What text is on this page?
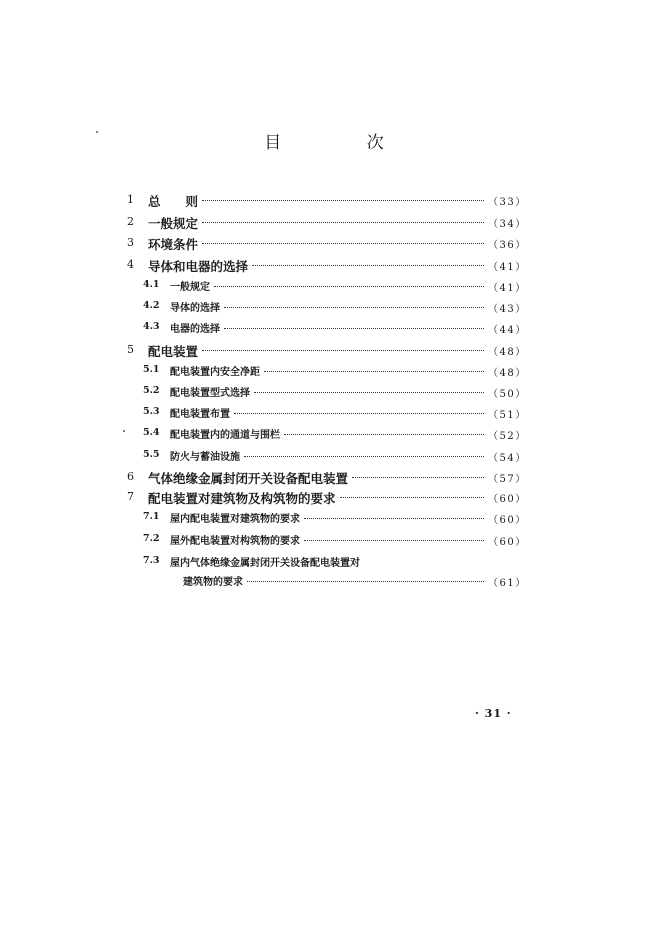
目 次
1 总　　则	（33）
2 一般规定	（34）
3 环境条件	（36）
4 导体和电器的选择	（41）
4.1 一般规定	（41）
4.2 导体的选择	（43）
4.3 电器的选择	（44）
5 配电装置	（48）
5.1 配电装置内安全净距	（48）
5.2 配电装置型式选择	（50）
5.3 配电装置布置	（51）
5.4 配电装置内的通道与围栏	（52）
5.5 防火与蓄油设施	（54）
6 气体绝缘金属封闭开关设备配电装置	（57）
7 配电装置对建筑物及构筑物的要求	（60）
7.1 屋内配电装置对建筑物的要求	（60）
7.2 屋外配电装置对构筑物的要求	（60）
7.3 屋内气体绝缘金属封闭开关设备配电装置对
建筑物的要求	（61）
· 31 ·
